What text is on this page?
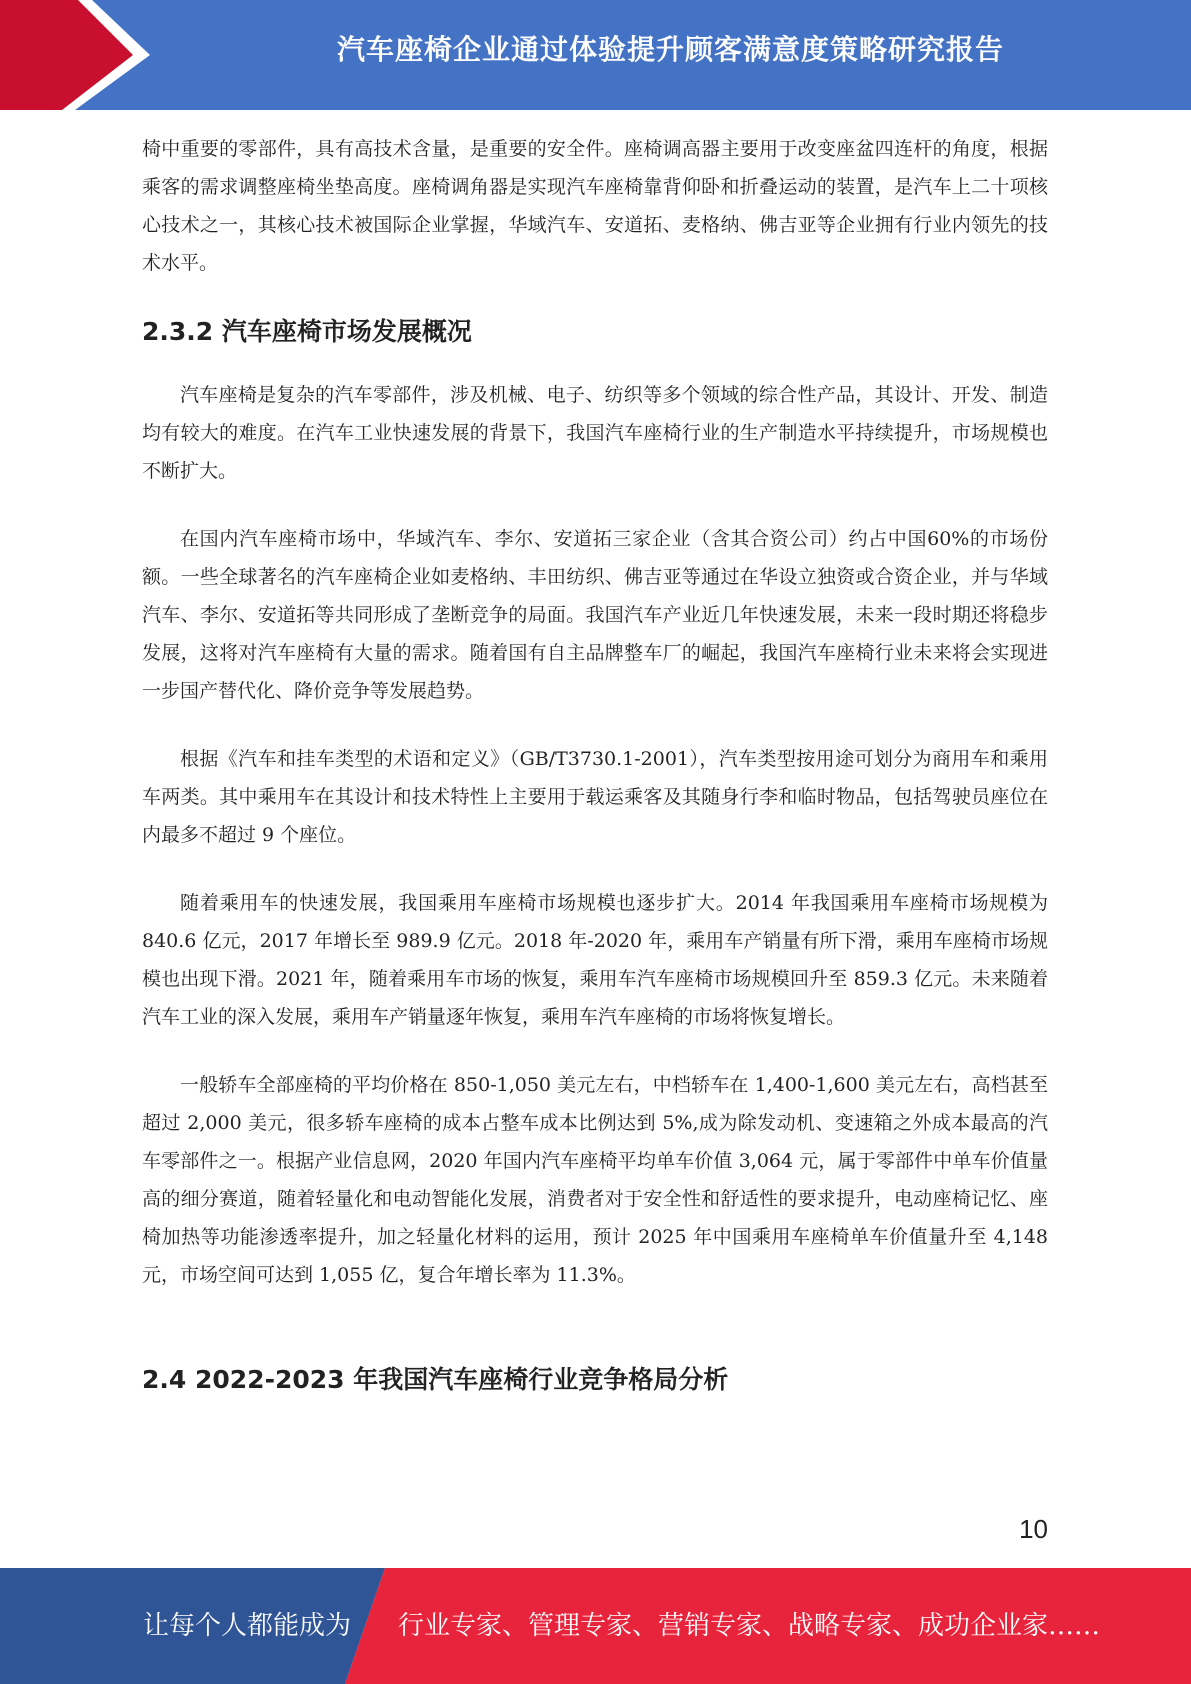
汽车座椅企业通过体验提升顾客满意度策略研究报告

椅中重要的零部件，具有高技术含量，是重要的安全件。座椅调高器主要用于改变座盆四连杆的角度，根据乘客的需求调整座椅坐垫高度。座椅调角器是实现汽车座椅靠背仰卧和折叠运动的装置，是汽车上二十项核心技术之一，其核心技术被国际企业掌握，华域汽车、安道拓、麦格纳、佛吉亚等企业拥有行业内领先的技术水平。

2.3.2 汽车座椅市场发展概况

汽车座椅是复杂的汽车零部件，涉及机械、电子、纺织等多个领域的综合性产品，其设计、开发、制造均有较大的难度。在汽车工业快速发展的背景下，我国汽车座椅行业的生产制造水平持续提升，市场规模也不断扩大。

在国内汽车座椅市场中，华域汽车、李尔、安道拓三家企业（含其合资公司）约占中国60%的市场份额。一些全球著名的汽车座椅企业如麦格纳、丰田纺织、佛吉亚等通过在华设立独资或合资企业，并与华域汽车、李尔、安道拓等共同形成了垄断竞争的局面。我国汽车产业近几年快速发展，未来一段时期还将稳步发展，这将对汽车座椅有大量的需求。随着国有自主品牌整车厂的崛起，我国汽车座椅行业未来将会实现进一步国产替代化、降价竞争等发展趋势。

根据《汽车和挂车类型的术语和定义》（GB/T3730.1-2001），汽车类型按用途可划分为商用车和乘用车两类。其中乘用车在其设计和技术特性上主要用于载运乘客及其随身行李和临时物品，包括驾驶员座位在内最多不超过 9 个座位。

随着乘用车的快速发展，我国乘用车座椅市场规模也逐步扩大。2014 年我国乘用车座椅市场规模为 840.6 亿元，2017 年增长至 989.9 亿元。2018 年-2020 年，乘用车产销量有所下滑，乘用车座椅市场规模也出现下滑。2021 年，随着乘用车市场的恢复，乘用车汽车座椅市场规模回升至 859.3 亿元。未来随着汽车工业的深入发展，乘用车产销量逐年恢复，乘用车汽车座椅的市场将恢复增长。

一般轿车全部座椅的平均价格在 850-1,050 美元左右，中档轿车在 1,400-1,600 美元左右，高档甚至超过 2,000 美元，很多轿车座椅的成本占整车成本比例达到 5%,成为除发动机、变速箱之外成本最高的汽车零部件之一。根据产业信息网，2020 年国内汽车座椅平均单车价值 3,064 元，属于零部件中单车价值量高的细分赛道，随着轻量化和电动智能化发展，消费者对于安全性和舒适性的要求提升，电动座椅记忆、座椅加热等功能渗透率提升，加之轻量化材料的运用，预计 2025 年中国乘用车座椅单车价值量升至 4,148 元，市场空间可达到 1,055 亿，复合年增长率为 11.3%。

2.4 2022-2023 年我国汽车座椅行业竞争格局分析
10
让每个人都能成为 行业专家、管理专家、营销专家、战略专家、成功企业家……
